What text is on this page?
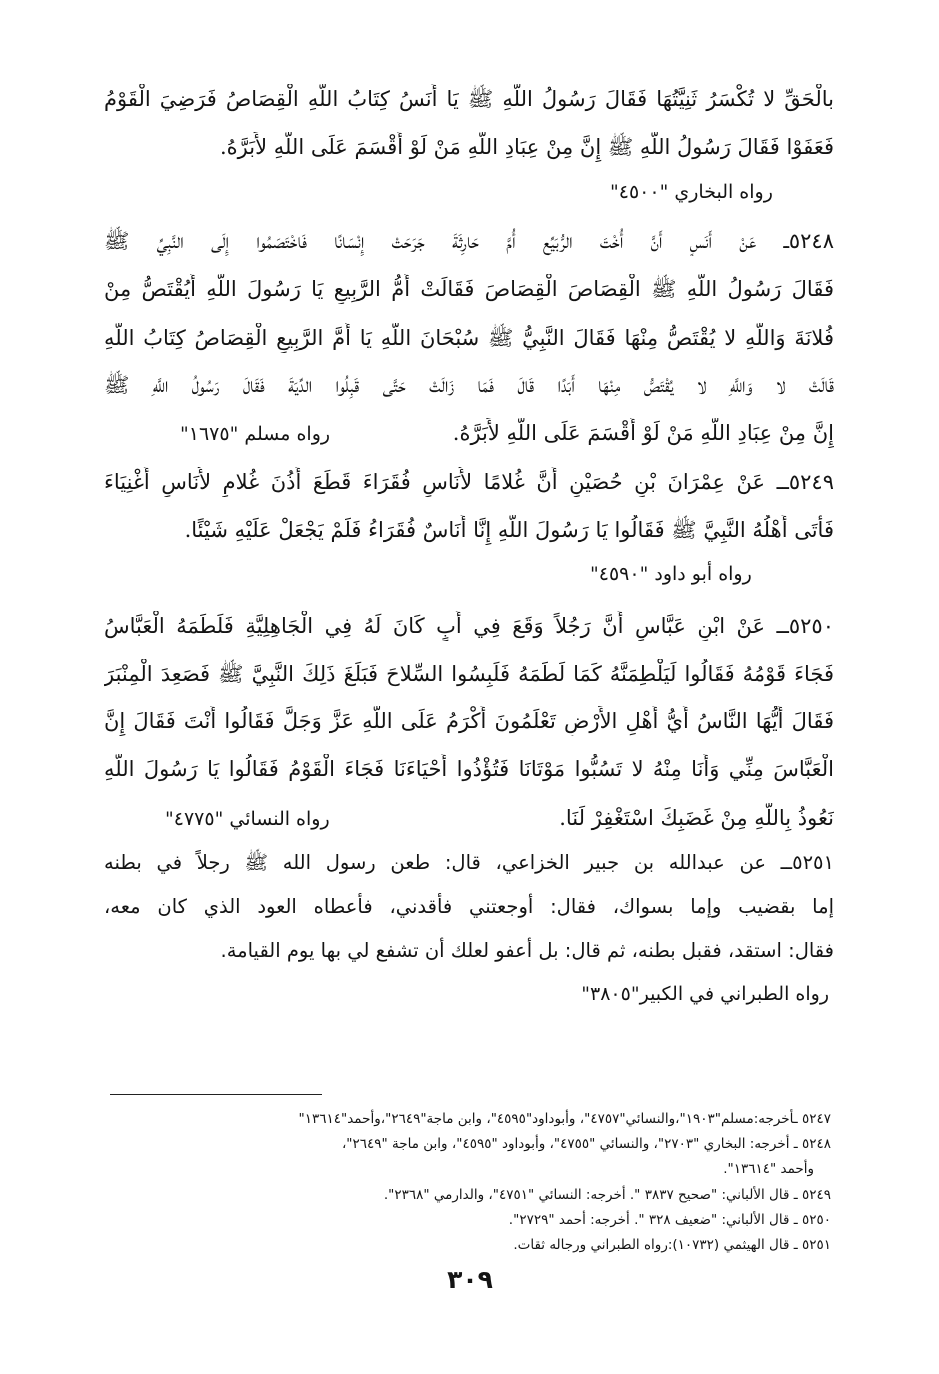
بالْحَقِّ لا تُكْسَرُ ثَنِيَّتُهَا فَقَالَ رَسُولُ اللَّهِ ﷺ يَا أَنَسُ كِتَابُ اللَّهِ الْقِصَاصُ فَرَضِيَ الْقَوْمُ
فَعَفَوْا فَقَالَ رَسُولُ اللَّهِ ﷺ إِنَّ مِنْ عِبَادِ اللَّهِ مَنْ لَوْ أَقْسَمَ عَلَى اللَّهِ لأَبَرَّهُ.
رواه البخاري "٤٥٠٠"
٥٢٤٨ــ عَنْ أَنَسٍ أَنَّ أُخْتَ الرُّبَيِّعِ أُمَّ حَارِثَةَ جَرَحَتْ إِنْسَانًا فَاخْتَصَمُوا إِلَى النَّبِيِّ ﷺ
فَقَالَ رَسُولُ اللَّهِ ﷺ الْقِصَاصَ الْقِصَاصَ فَقَالَتْ أُمُّ الرَّبِيعِ يَا رَسُولَ اللَّهِ أَيُقْتَصُّ مِنْ
فُلانَةَ وَاللَّهِ لا يُقْتَصُّ مِنْهَا فَقَالَ النَّبِيُّ ﷺ سُبْحَانَ اللَّهِ يَا أُمَّ الرَّبِيعِ الْقِصَاصُ كِتَابُ اللَّهِ
قَالَتْ لا وَاللَّهِ لا يُقْتَصُّ مِنْهَا أَبَدًا قَالَ فَمَا زَالَتْ حَتَّى قَبِلُوا الدِّيَةَ فَقَالَ رَسُولُ اللَّهِ ﷺ
إِنَّ مِنْ عِبَادِ اللَّهِ مَنْ لَوْ أَقْسَمَ عَلَى اللَّهِ لأَبَرَّهُ.
رواه مسلم "١٦٧٥"
٥٢٤٩ــ عَنْ عِمْرَانَ بْنِ حُصَيْنٍ أَنَّ غُلامًا لأُنَاسٍ فُقَرَاءَ قَطَعَ أُذُنَ غُلامٍ لأُنَاسٍ أَغْنِيَاءَ
فَأَتَى أَهْلُهُ النَّبِيَّ ﷺ فَقَالُوا يَا رَسُولَ اللَّهِ إِنَّا أُنَاسٌ فُقَرَاءُ فَلَمْ يَجْعَلْ عَلَيْهِ شَيْئًا.
رواه أبو داود "٤٥٩٠"
٥٢٥٠ــ عَنْ ابْنِ عَبَّاسٍ أَنَّ رَجُلاً وَقَعَ فِي أَبٍ كَانَ لَهُ فِي الْجَاهِلِيَّةِ فَلَطَمَهُ الْعَبَّاسُ
فَجَاءَ قَوْمُهُ فَقَالُوا لَيَلْطِمَنَّهُ كَمَا لَطَمَهُ فَلَبِسُوا السِّلاحَ فَبَلَغَ ذَلِكَ النَّبِيَّ ﷺ فَصَعِدَ الْمِنْبَرَ
فَقَالَ أَيُّهَا النَّاسُ أَيُّ أَهْلِ الأَرْضِ تَعْلَمُونَ أَكْرَمُ عَلَى اللَّهِ عَزَّ وَجَلَّ فَقَالُوا أَنْتَ فَقَالَ إِنَّ
الْعَبَّاسَ مِنِّي وَأَنَا مِنْهُ لا تَسُبُّوا مَوْتَانَا فَتُؤْذُوا أَحْيَاءَنَا فَجَاءَ الْقَوْمُ فَقَالُوا يَا رَسُولَ اللَّهِ
نَعُوذُ بِاللَّهِ مِنْ غَضَبِكَ اسْتَغْفِرْ لَنَا.
رواه النسائي "٤٧٧٥"
٥٢٥١ــ عن عبدالله بن جبير الخزاعي، قال: طعن رسول الله ﷺ رجلاً في بطنه
إما بقضيب وإما بسواك، فقال: أوجعتني فأقدني، فأعطاه العود الذي كان معه،
فقال: استقد، فقبل بطنه، ثم قال: بل أعفو لعلك أن تشفع لي بها يوم القيامة.
رواه الطبراني في الكبير"٣٨٠٥"
٥٢٤٧ ـأخرجه:مسلم"١٩٠٣"،والنسائي"٤٧٥٧"، وأبوداود"٤٥٩٥"، وابن ماجة"٢٦٤٩"،وأحمد"١٣٦١٤"
٥٢٤٨ ـ أخرجه: البخاري "٢٧٠٣"، والنسائي "٤٧٥٥"، وأبوداود "٤٥٩٥"، وابن ماجة "٢٦٤٩"،
وأحمد "١٣٦١٤".
٥٢٤٩ ـ قال الألباني: "صحيح ٣٨٣٧ ". أخرجه: النسائي "٤٧٥١"، والدارمي "٢٣٦٨".
٥٢٥٠ ـ قال الألباني: "ضعيف ٣٢٨ ". أخرجه: أحمد "٢٧٢٩".
٥٢٥١ ـ قال الهيثمي (١٠٧٣٢):رواه الطبراني ورجاله ثقات.
٣٠٩
